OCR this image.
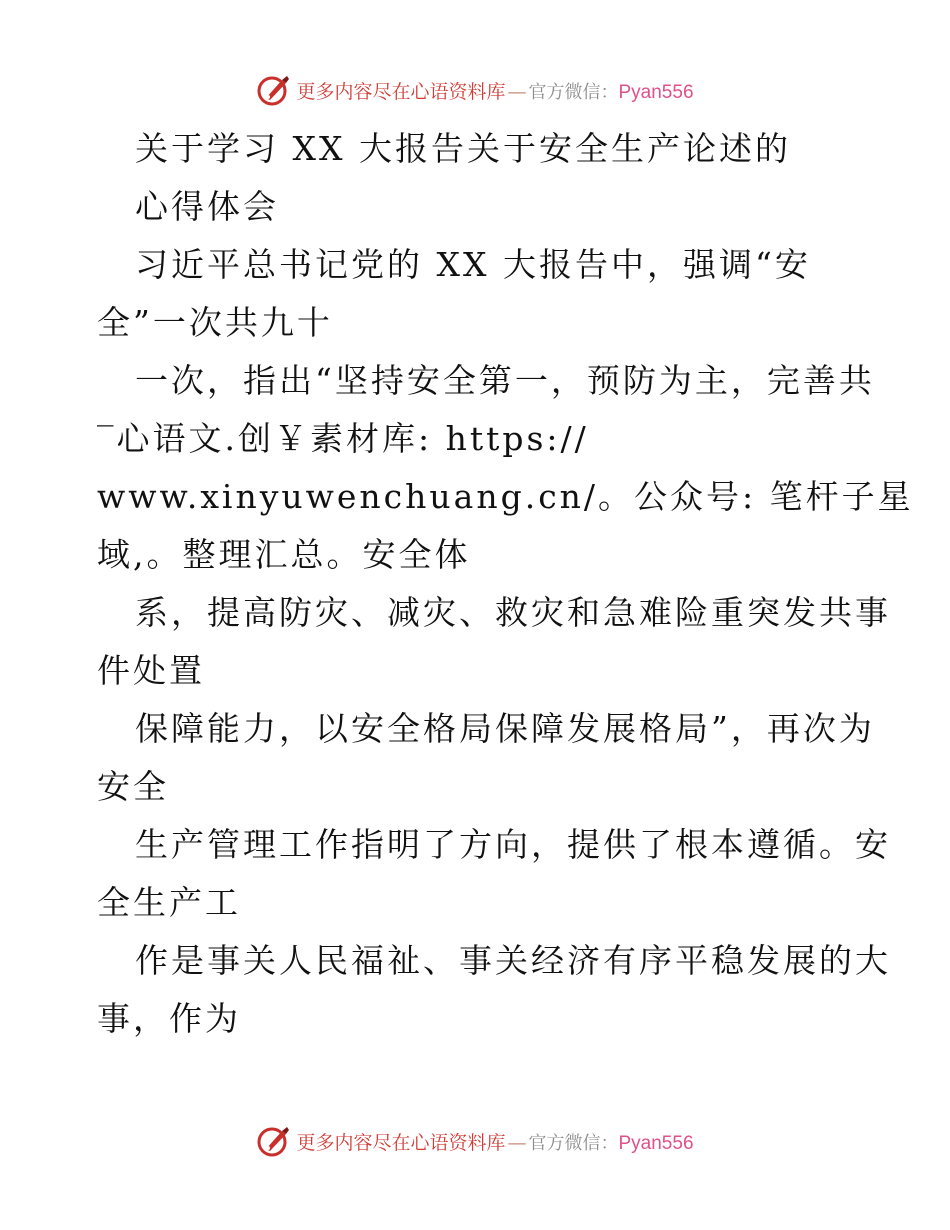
更多内容尽在心语资料库 — 官方微信： Pyan556
关于学习 XX 大报告关于安全生产论述的
心得体会
习近平总书记党的 XX 大报告中，强调“安
全”一次共九十
一次，指出“坚持安全第一，预防为主，完善共
‾心语文.创￥素材库: https://
www.xinyuwenchuang.cn/。公众号: 笔杆子星
域,。整理汇总。安全体
系，提高防灾、减灾、救灾和急难险重突发共事
件处置
保障能力，以安全格局保障发展格局”，再次为
安全
生产管理工作指明了方向，提供了根本遵循。安
全生产工
作是事关人民福祉、事关经济有序平稳发展的大
事，作为
更多内容尽在心语资料库 — 官方微信： Pyan556
